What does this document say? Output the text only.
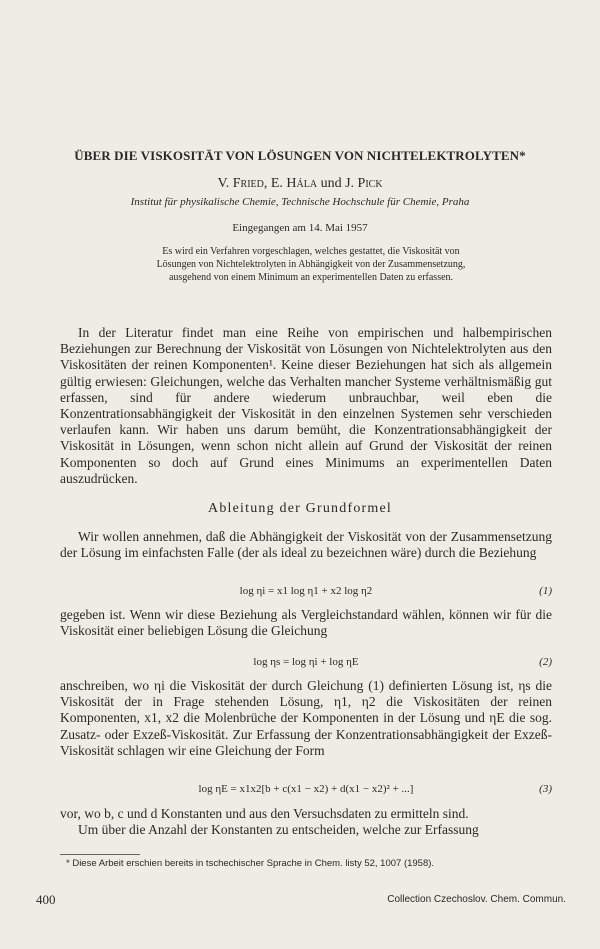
ÜBER DIE VISKOSITÄT VON LÖSUNGEN VON NICHTELEKTROLYTEN*
V. Fried, E. Hála und J. Pick
Institut für physikalische Chemie, Technische Hochschule für Chemie, Praha
Eingegangen am 14. Mai 1957
Es wird ein Verfahren vorgeschlagen, welches gestattet, die Viskosität von
Lösungen von Nichtelektrolyten in Abhängigkeit von der Zusammensetzung,
ausgehend von einem Minimum an experimentellen Daten zu erfassen.
In der Literatur findet man eine Reihe von empirischen und halbempirischen Beziehungen zur Berechnung der Viskosität von Lösungen von Nichtelektrolyten aus den Viskositäten der reinen Komponenten¹. Keine dieser Beziehungen hat sich als allgemein gültig erwiesen: Gleichungen, welche das Verhalten mancher Systeme verhältnismäßig gut erfassen, sind für andere wiederum unbrauchbar, weil eben die Konzentrationsabhängigkeit der Viskosität in den einzelnen Systemen sehr verschieden verlaufen kann. Wir haben uns darum bemüht, die Konzentrationsabhängigkeit der Viskosität in Lösungen, wenn schon nicht allein auf Grund der Viskosität der reinen Komponenten so doch auf Grund eines Minimums an experimentellen Daten auszudrücken.
Ableitung der Grundformel
Wir wollen annehmen, daß die Abhängigkeit der Viskosität von der Zusammensetzung der Lösung im einfachsten Falle (der als ideal zu bezeichnen wäre) durch die Beziehung
log ηi = x1 log η1 + x2 log η2	(1)
gegeben ist. Wenn wir diese Beziehung als Vergleichstandard wählen, können wir für die Viskosität einer beliebigen Lösung die Gleichung
log ηs = log ηi + log ηE	(2)
anschreiben, wo ηi die Viskosität der durch Gleichung (1) definierten Lösung ist, ηs die Viskosität der in Frage stehenden Lösung, η1, η2 die Viskositäten der reinen Komponenten, x1, x2 die Molenbrüche der Komponenten in der Lösung und ηE die sog. Zusatz- oder Exzeß-Viskosität. Zur Erfassung der Konzentrationsabhängigkeit der Exzeß-Viskosität schlagen wir eine Gleichung der Form
log ηE = x1x2[b + c(x1 − x2) + d(x1 − x2)² + ...]	(3)
vor, wo b, c und d Konstanten und aus den Versuchsdaten zu ermitteln sind.
Um über die Anzahl der Konstanten zu entscheiden, welche zur Erfassung
* Diese Arbeit erschien bereits in tschechischer Sprache in Chem. listy 52, 1007 (1958).
400	Collection Czechoslov. Chem. Commun.
